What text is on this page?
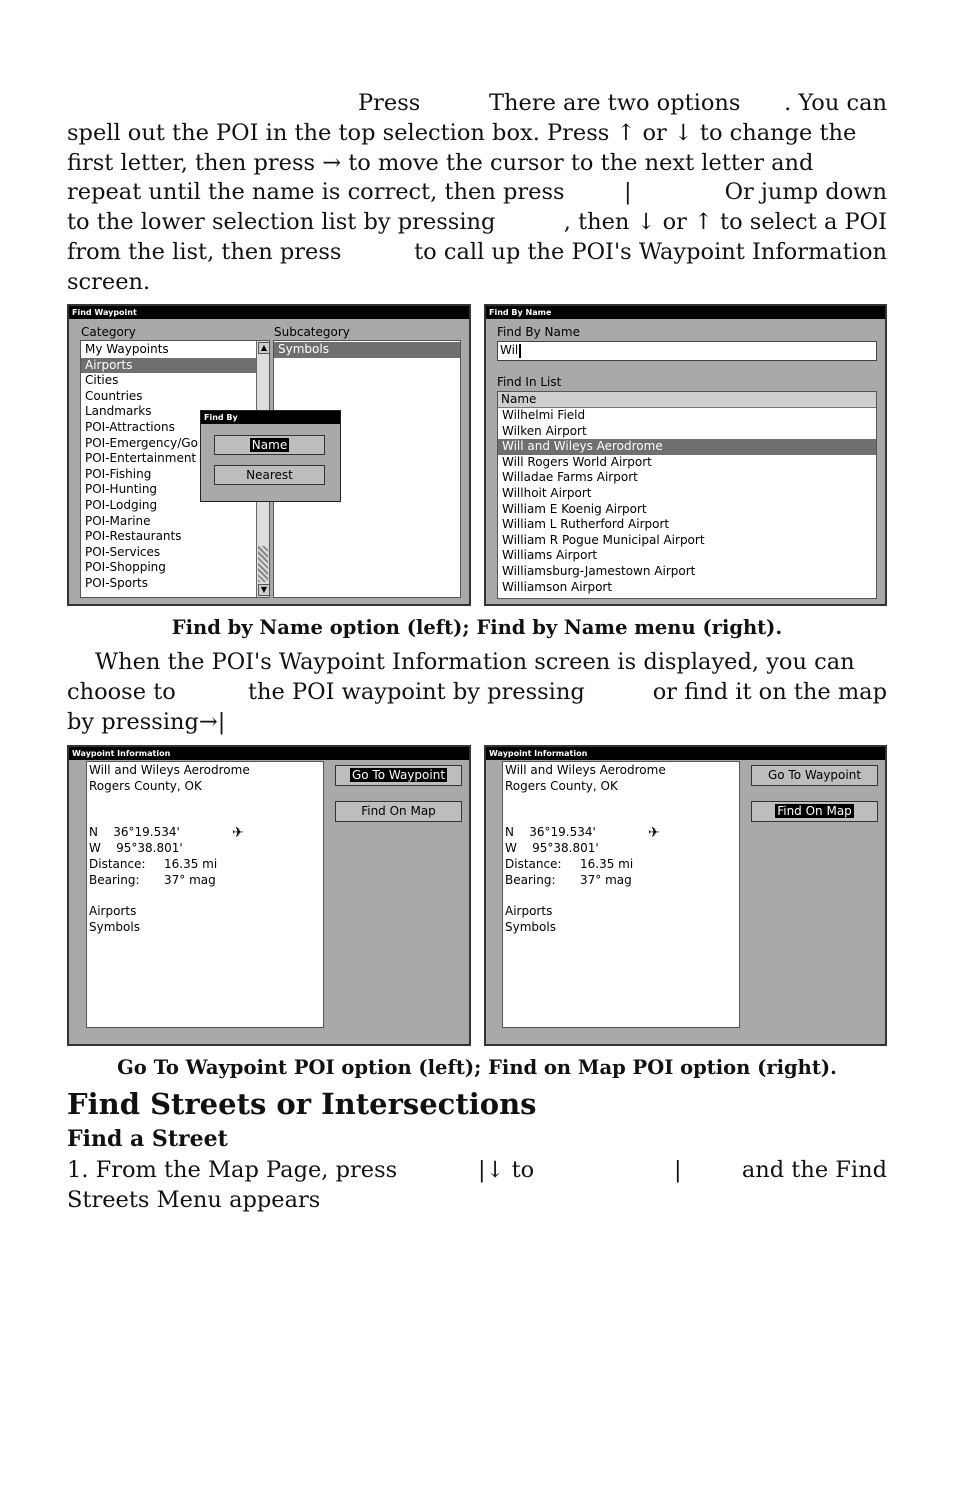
Press	There are two options . You can
spell out the POI in the top selection box. Press ↑ or ↓ to change the
first letter, then press → to move the cursor to the next letter and
repeat until the name is correct, then press	|	Or jump down
to the lower selection list by pressing	, then ↓ or ↑ to select a POI
from the list, then press	to call up the POI's Waypoint Information
screen.
Find Waypoint
Category	Subcategory
My Waypoints
Airports
Cities
Countries
Landmarks
POI-Attractions
POI-Emergency/Go
POI-Entertainment
POI-Fishing
POI-Hunting
POI-Lodging
POI-Marine
POI-Restaurants
POI-Services
POI-Shopping
POI-Sports
▲
▼
Symbols
Find By
Name
Nearest
Find By Name
Find By Name
Wil
Find In List
Name
Wilhelmi Field
Wilken Airport
Will and Wileys Aerodrome
Will Rogers World Airport
Willadae Farms Airport
Willhoit Airport
William E Koenig Airport
William L Rutherford Airport
William R Pogue Municipal Airport
Williams Airport
Williamsburg-Jamestown Airport
Williamson Airport
Find by Name option (left); Find by Name menu (right).
When the POI's Waypoint Information screen is displayed, you can
choose to	the POI waypoint by pressing	or find it on the map
by pressing→|
Waypoint Information
Will and Wileys Aerodrome
Rogers County, OK
N    36°19.534'
W    95°38.801'
Distance: 16.35 mi
Bearing: 37° mag
Airports
Symbols
✈
Go To Waypoint
Find On Map
Waypoint Information
Will and Wileys Aerodrome
Rogers County, OK
N    36°19.534'
W    95°38.801'
Distance: 16.35 mi
Bearing: 37° mag
Airports
Symbols
✈
Go To Waypoint
Find On Map
Go To Waypoint POI option (left); Find on Map POI option (right).
Find Streets or Intersections
Find a Street
1. From the Map Page, press	|↓ to	|	and the Find
Streets Menu appears
